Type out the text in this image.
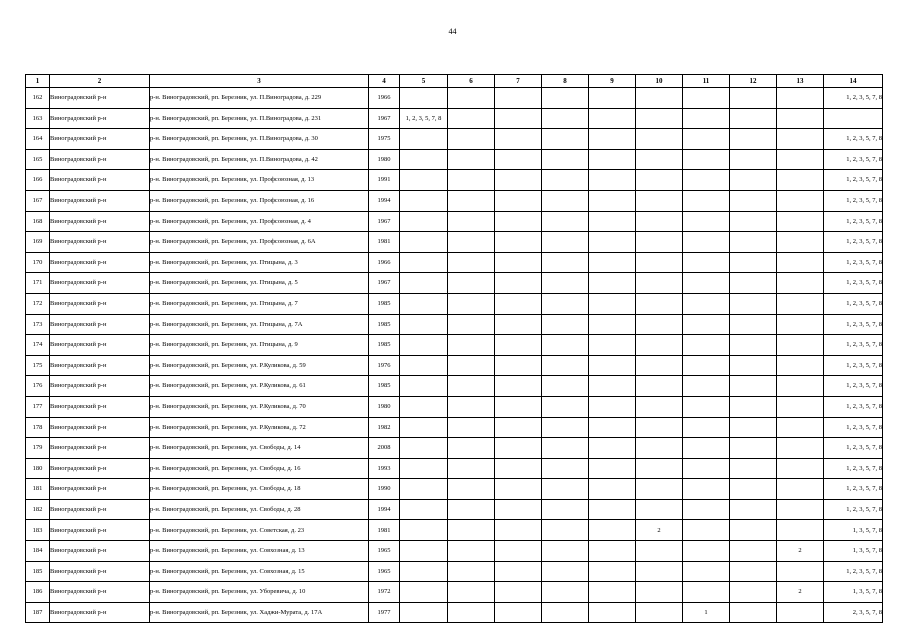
44
1	2	3	4	5	6	7	8	9	10	11	12	13	14
162	Виноградовский р-н	р-н. Виноградовский, рп. Березник, ул. П.Виноградова, д. 229	1966										1, 2, 3, 5, 7, 8
163	Виноградовский р-н	р-н. Виноградовский, рп. Березник, ул. П.Виноградова, д. 231	1967	1, 2, 3, 5, 7, 8									
164	Виноградовский р-н	р-н. Виноградовский, рп. Березник, ул. П.Виноградова, д. 30	1975										1, 2, 3, 5, 7, 8
165	Виноградовский р-н	р-н. Виноградовский, рп. Березник, ул. П.Виноградова, д. 42	1980										1, 2, 3, 5, 7, 8
166	Виноградовский р-н	р-н. Виноградовский, рп. Березник, ул. Профсоюзная, д. 13	1991										1, 2, 3, 5, 7, 8
167	Виноградовский р-н	р-н. Виноградовский, рп. Березник, ул. Профсоюзная, д. 16	1994										1, 2, 3, 5, 7, 8
168	Виноградовский р-н	р-н. Виноградовский, рп. Березник, ул. Профсоюзная, д. 4	1967										1, 2, 3, 5, 7, 8
169	Виноградовский р-н	р-н. Виноградовский, рп. Березник, ул. Профсоюзная, д. 6А	1981										1, 2, 3, 5, 7, 8
170	Виноградовский р-н	р-н. Виноградовский, рп. Березник, ул. Птицына, д. 3	1966										1, 2, 3, 5, 7, 8
171	Виноградовский р-н	р-н. Виноградовский, рп. Березник, ул. Птицына, д. 5	1967										1, 2, 3, 5, 7, 8
172	Виноградовский р-н	р-н. Виноградовский, рп. Березник, ул. Птицына, д. 7	1985										1, 2, 3, 5, 7, 8
173	Виноградовский р-н	р-н. Виноградовский, рп. Березник, ул. Птицына, д. 7А	1985										1, 2, 3, 5, 7, 8
174	Виноградовский р-н	р-н. Виноградовский, рп. Березник, ул. Птицына, д. 9	1985										1, 2, 3, 5, 7, 8
175	Виноградовский р-н	р-н. Виноградовский, рп. Березник, ул. Р.Куликова, д. 59	1976										1, 2, 3, 5, 7, 8
176	Виноградовский р-н	р-н. Виноградовский, рп. Березник, ул. Р.Куликова, д. 61	1985										1, 2, 3, 5, 7, 8
177	Виноградовский р-н	р-н. Виноградовский, рп. Березник, ул. Р.Куликова, д. 70	1980										1, 2, 3, 5, 7, 8
178	Виноградовский р-н	р-н. Виноградовский, рп. Березник, ул. Р.Куликова, д. 72	1982										1, 2, 3, 5, 7, 8
179	Виноградовский р-н	р-н. Виноградовский, рп. Березник, ул. Свободы, д. 14	2008										1, 2, 3, 5, 7, 8
180	Виноградовский р-н	р-н. Виноградовский, рп. Березник, ул. Свободы, д. 16	1993										1, 2, 3, 5, 7, 8
181	Виноградовский р-н	р-н. Виноградовский, рп. Березник, ул. Свободы, д. 18	1990										1, 2, 3, 5, 7, 8
182	Виноградовский р-н	р-н. Виноградовский, рп. Березник, ул. Свободы, д. 28	1994										1, 2, 3, 5, 7, 8
183	Виноградовский р-н	р-н. Виноградовский, рп. Березник, ул. Советская, д. 23	1981						2				1, 3, 5, 7, 8
184	Виноградовский р-н	р-н. Виноградовский, рп. Березник, ул. Совхозная, д. 13	1965									2	1, 3, 5, 7, 8
185	Виноградовский р-н	р-н. Виноградовский, рп. Березник, ул. Совхозная, д. 15	1965										1, 2, 3, 5, 7, 8
186	Виноградовский р-н	р-н. Виноградовский, рп. Березник, ул. Уборевича, д. 10	1972									2	1, 3, 5, 7, 8
187	Виноградовский р-н	р-н. Виноградовский, рп. Березник, ул. Хаджи-Мурата, д. 17А	1977							1			2, 3, 5, 7, 8
